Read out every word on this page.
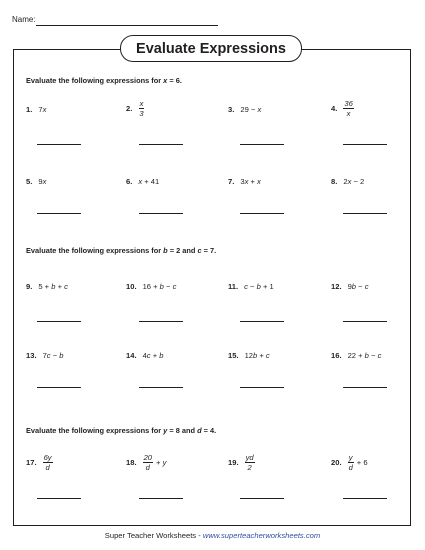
Name:
Evaluate Expressions
Evaluate the following expressions for x = 6.
1. 7x	2. $\frac{x}{3}$	3. 29 − x	4. $\frac{36}{x}$
5. 9x	6. x + 41	7. 3x + x	8. 2x − 2
Evaluate the following expressions for b = 2 and c = 7.
9. 5 + b + c	10. 16 + b − c	11. c − b + 1	12. 9b − c
13. 7c − b	14. 4c + b	15. 12b + c	16. 22 + b − c
Evaluate the following expressions for y = 8 and d = 4.
17. $\frac{6y}{d}$	18. $\frac{20}{d} + y$	19. $\frac{yd}{2}$	20. $\frac{y}{d} + 6$
Super Teacher Worksheets - www.superteacherworksheets.com
